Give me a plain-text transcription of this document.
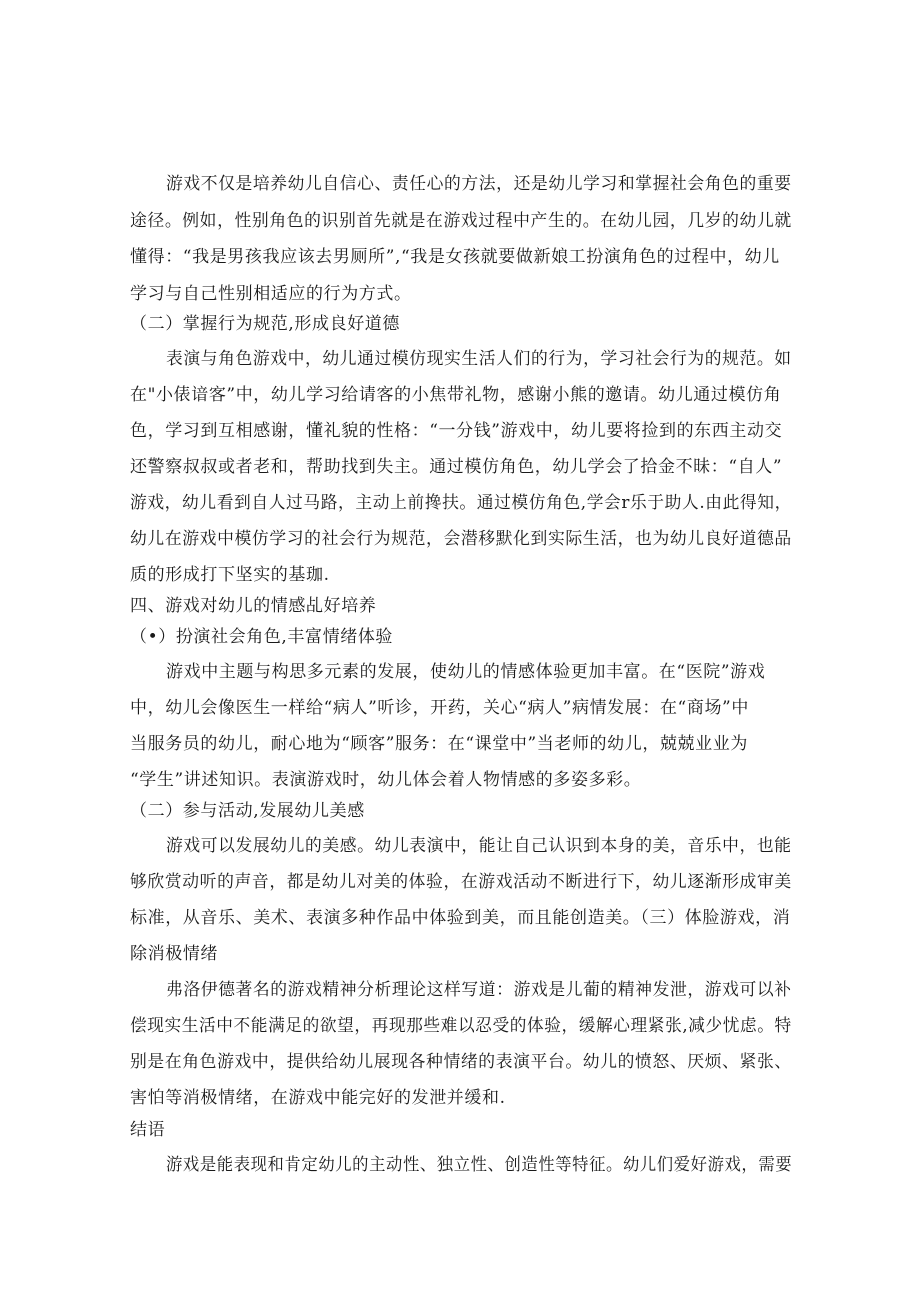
游戏不仅是培养幼儿自信心、责任心的方法，还是幼儿学习和掌握社会角色的重要

途径。例如，性别角色的识别首先就是在游戏过程中产生的。在幼儿园，几岁的幼儿就

懂得：“我是男孩我应该去男厕所”,“我是女孩就要做新娘工扮演角色的过程中，幼儿

学习与自己性别相适应的行为方式。

（二）掌握行为规范,形成良好道德

表演与角色游戏中，幼儿通过模仿现实生活人们的行为，学习社会行为的规范。如

在"小俵谙客”中，幼儿学习给请客的小焦带礼物，感谢小熊的邀请。幼儿通过模仿角

色，学习到互相感谢，懂礼貌的性格：“一分钱”游戏中，幼儿要将捡到的东西主动交

还警察叔叔或者老和，帮助找到失主。通过模仿角色，幼儿学会了拾金不昧：“自人”

游戏，幼儿看到自人过马路，主动上前搀扶。通过模仿角色,学会r乐于助人.由此得知，

幼儿在游戏中模仿学习的社会行为规范，会潜移默化到实际生活，也为幼儿良好道德品

质的形成打下坚实的基珈.

四、游戏对幼儿的情感乩好培养

（•）扮演社会角色,丰富情绪体验

游戏中主题与构思多元素的发展，使幼儿的情感体验更加丰富。在“医院”游戏

中，幼儿会像医生一样给“病人”听诊，开药，关心“病人”病情发展：在“商场”中

当服务员的幼儿，耐心地为“顾客”服务：在“课堂中”当老师的幼儿，兢兢业业为

“学生”讲述知识。表演游戏时，幼儿体会着人物情感的多姿多彩。

（二）参与活动,发展幼儿美感

游戏可以发展幼儿的美感。幼儿表演中，能让自己认识到本身的美，音乐中，也能

够欣赏动听的声音，都是幼儿对美的体验，在游戏活动不断进行下，幼儿逐渐形成审美

标准，从音乐、美术、表演多种作品中体验到美，而且能创造美。（三）体脸游戏，消

除消极情绪

弗洛伊德著名的游戏精神分析理论这样写道：游戏是儿葡的精神发泄，游戏可以补

偿现实生活中不能满足的欲望，再现那些难以忍受的体验，缓解心理紧张,减少忧虑。特

别是在角色游戏中，提供给幼儿展现各种情绪的表演平台。幼儿的愤怒、厌烦、紧张、

害怕等消极情绪，在游戏中能完好的发泄并缓和.

结语

游戏是能表现和肯定幼儿的主动性、独立性、创造性等特征。幼儿们爱好游戏，需要
